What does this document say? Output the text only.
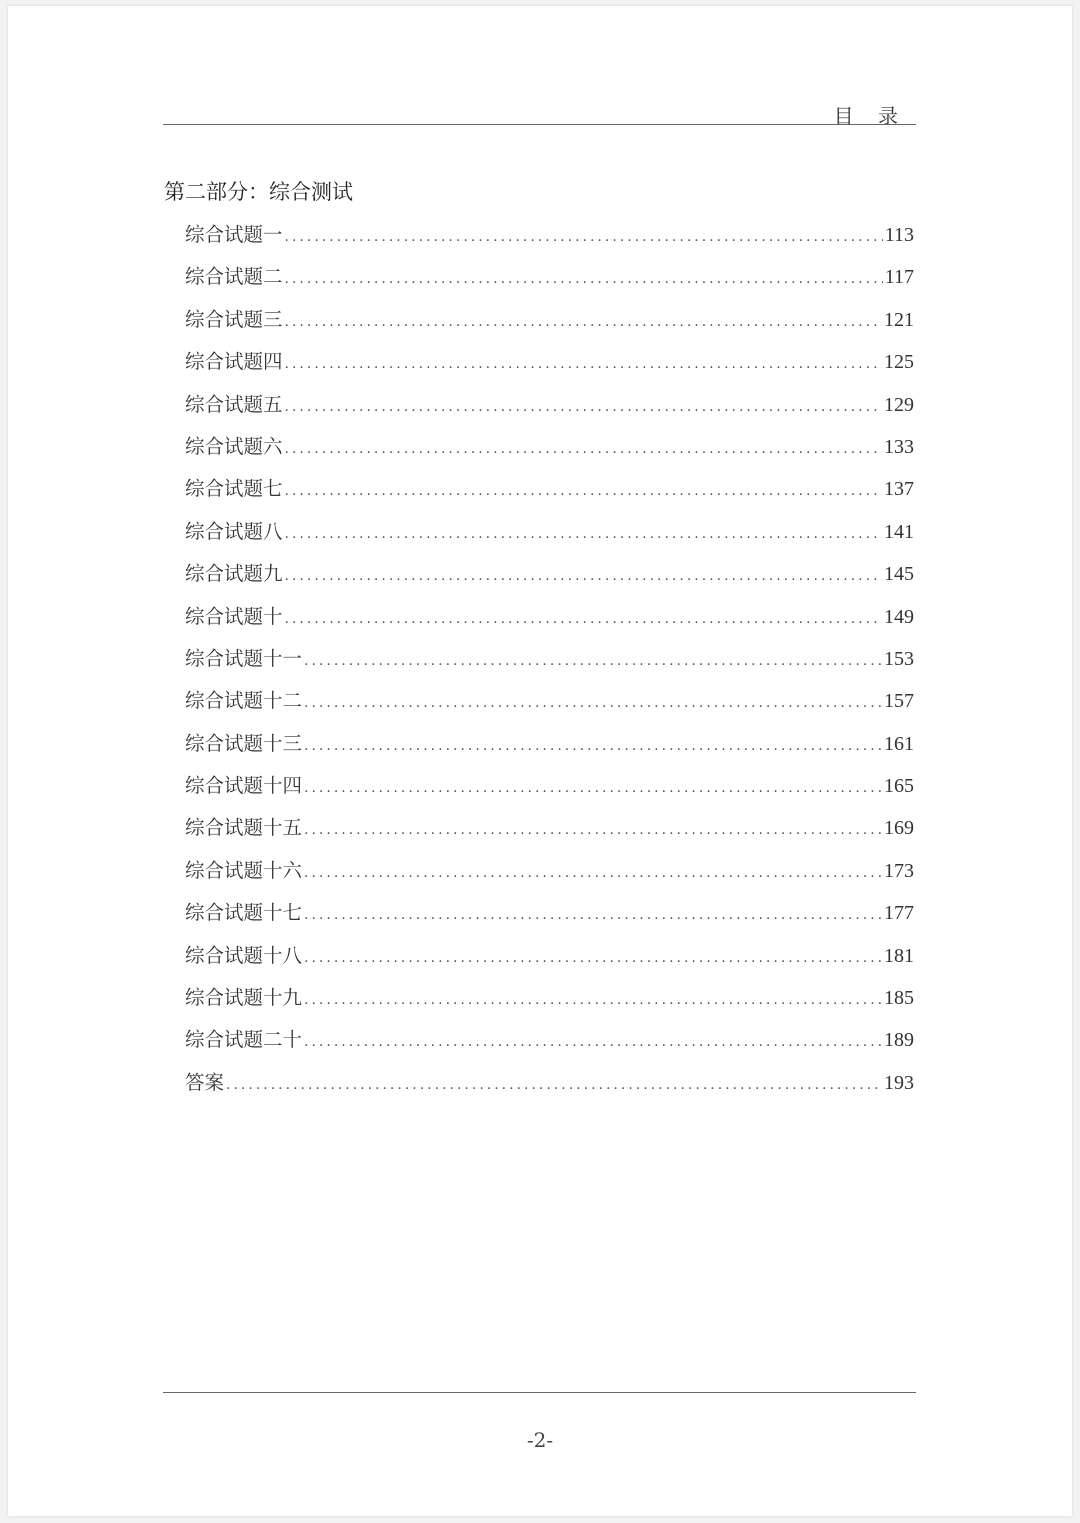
目 录
第二部分：综合测试
综合试题一 .....	113
综合试题二 .....	117
综合试题三 .....	121
综合试题四 .....	125
综合试题五 .....	129
综合试题六 .....	133
综合试题七 .....	137
综合试题八 .....	141
综合试题九 .....	145
综合试题十 .....	149
综合试题十一 .....	153
综合试题十二 .....	157
综合试题十三 .....	161
综合试题十四 .....	165
综合试题十五 .....	169
综合试题十六 .....	173
综合试题十七 .....	177
综合试题十八 .....	181
综合试题十九 .....	185
综合试题二十 .....	189
答案 .....	193
-2-
